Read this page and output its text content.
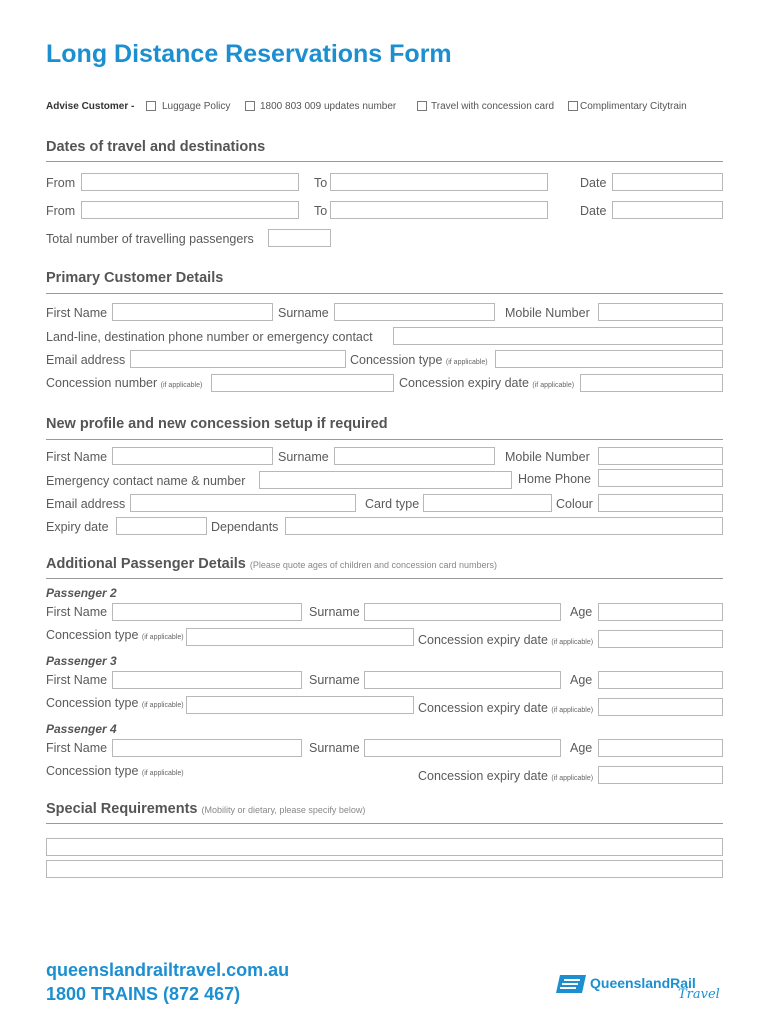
Long Distance Reservations Form
Advise Customer -	Luggage Policy	1800 803 009 updates number	Travel with concession card	Complimentary Citytrain
Dates of travel and destinations
From	To	Date
From	To	Date
Total number of travelling passengers
Primary Customer Details
First Name	Surname	Mobile Number
Land-line, destination phone number or emergency contact
Email address	Concession type (if applicable)
Concession number (if applicable)	Concession expiry date (if applicable)
New profile and new concession setup if required
First Name	Surname	Mobile Number
Emergency contact name & number	Home Phone
Email address	Card type	Colour
Expiry date	Dependants
Additional Passenger Details (Please quote ages of children and concession card numbers)
Passenger 2
First Name	Surname	Age
Concession type (if applicable)	Concession expiry date (if applicable)
Passenger 3
First Name	Surname	Age
Concession type (if applicable)	Concession expiry date (if applicable)
Passenger 4
First Name	Surname	Age
Concession type (if applicable)	Concession expiry date (if applicable)
Special Requirements (Mobility or dietary, please specify below)
queenslandrailtravel.com.au
1800 TRAINS (872 467)
QueenslandRail
Travel
